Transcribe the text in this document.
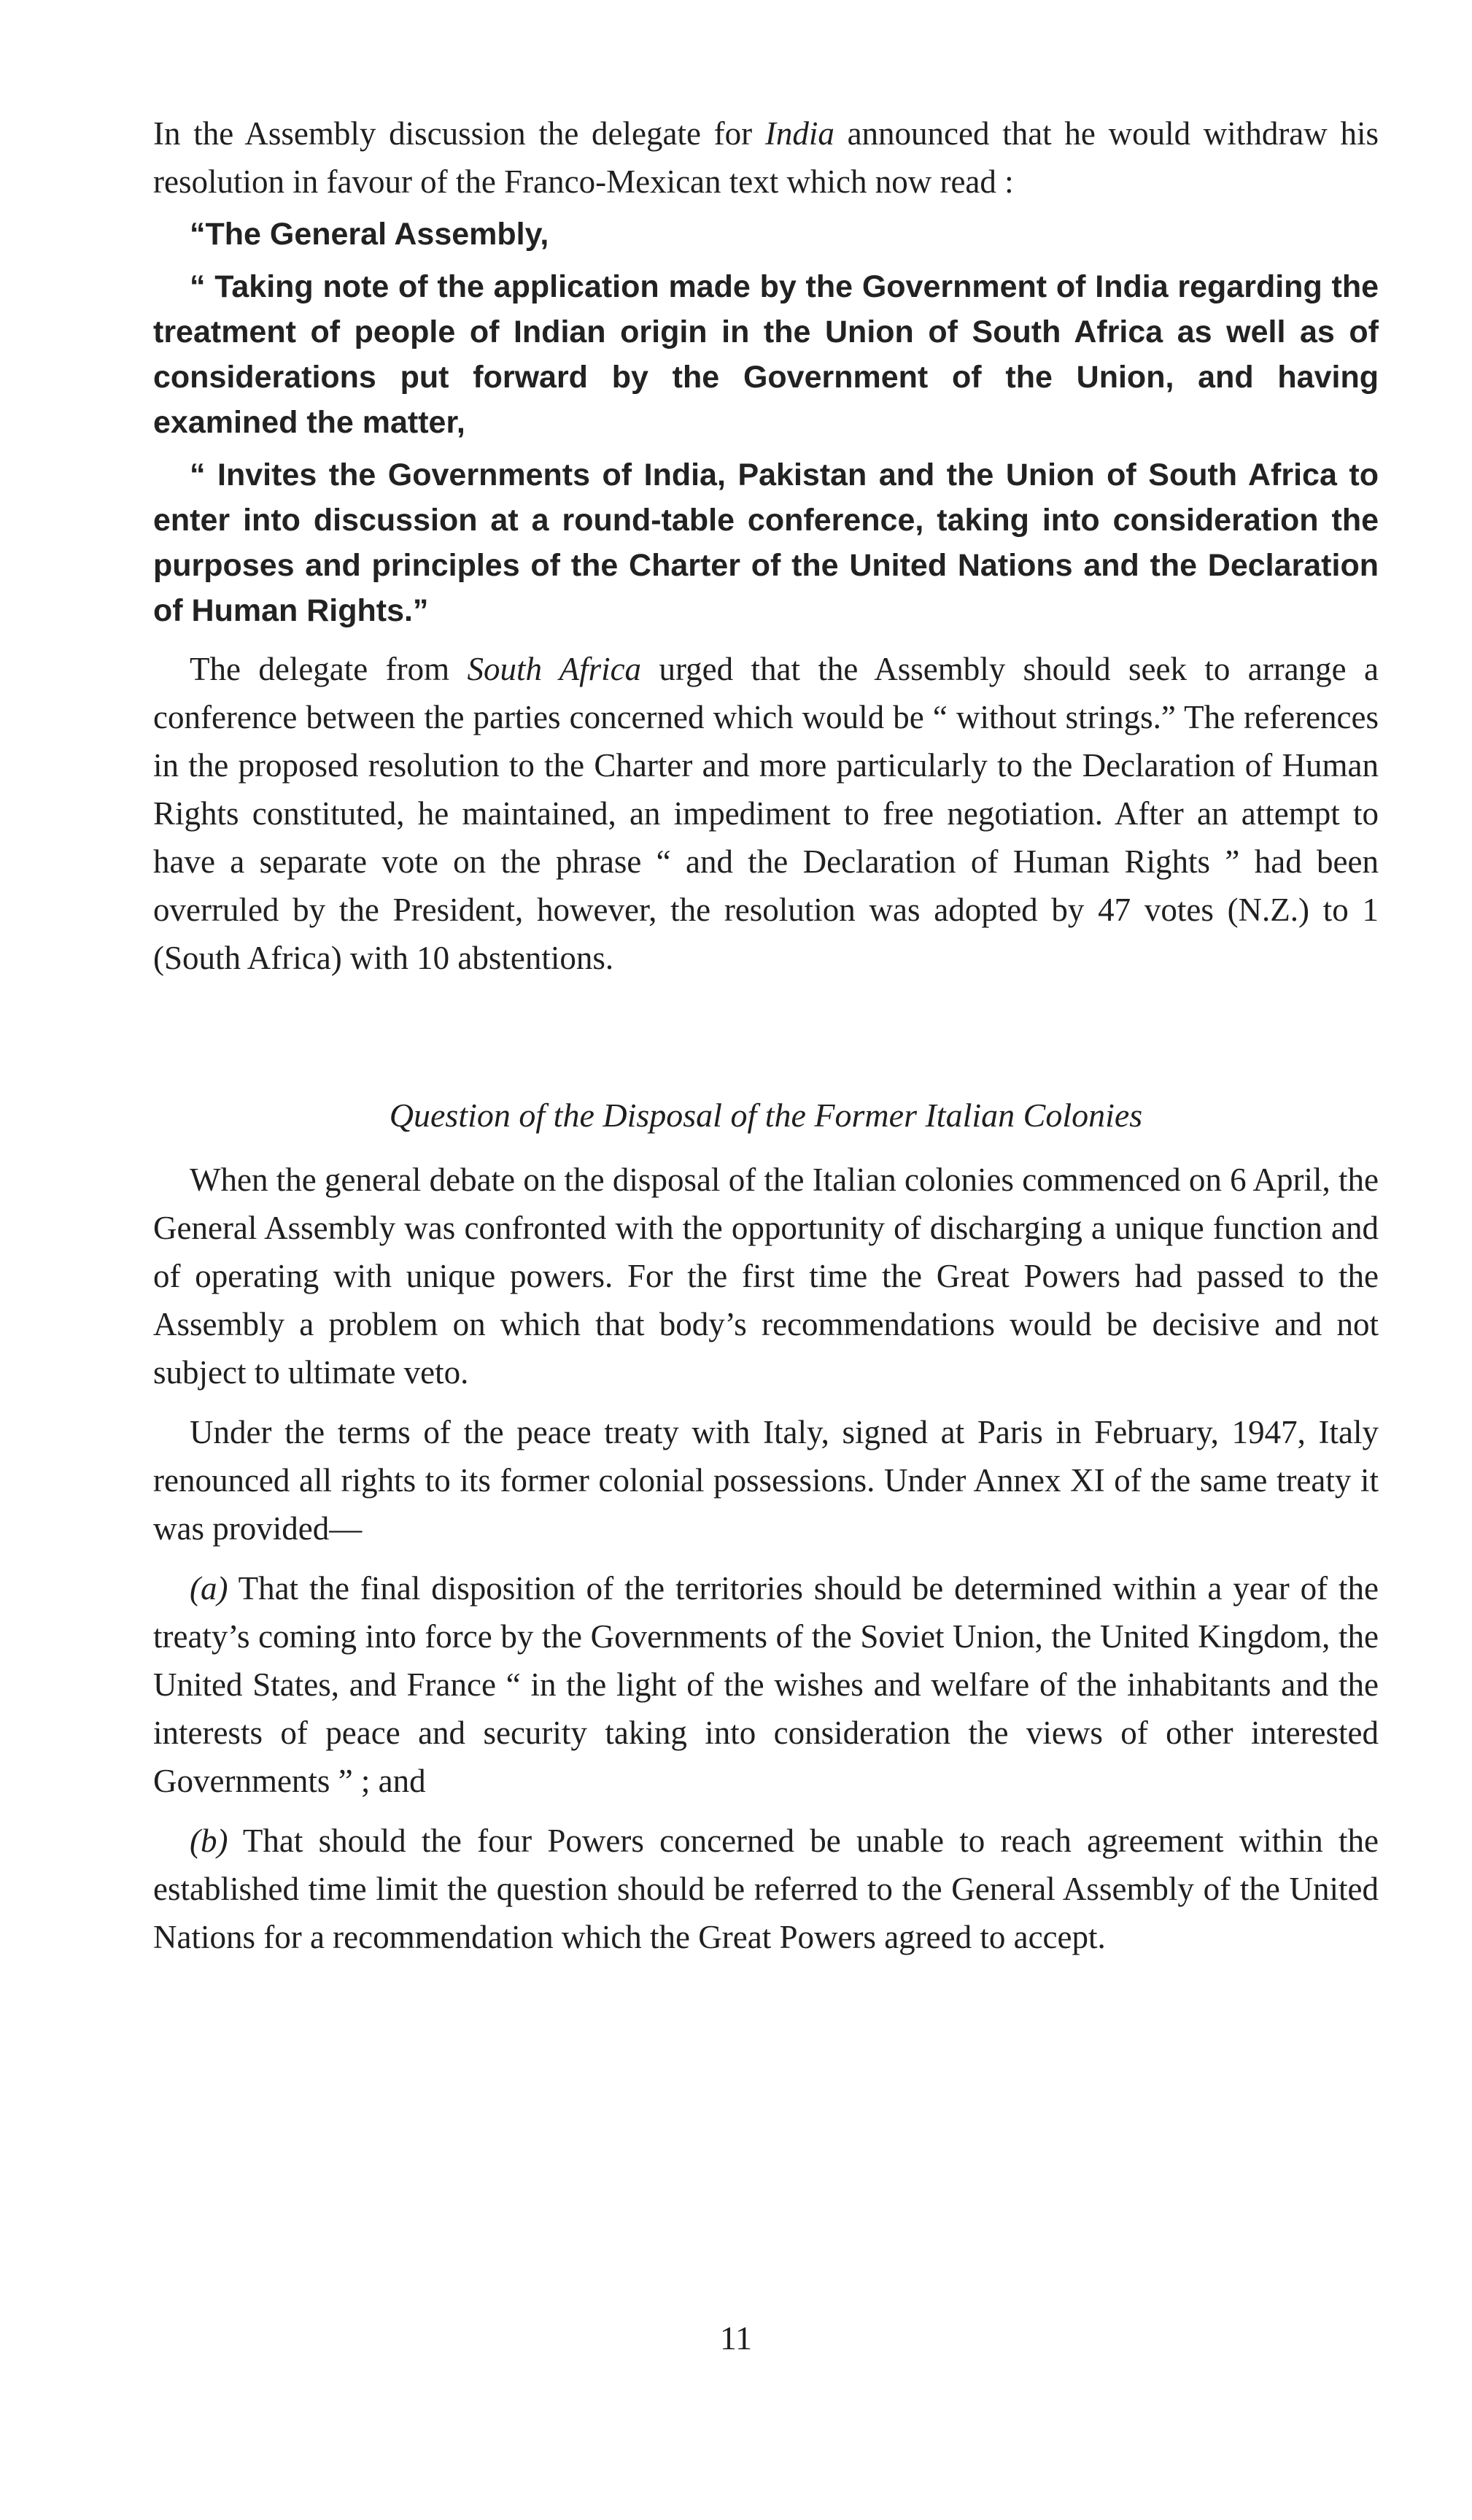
In the Assembly discussion the delegate for India announced that he would withdraw his resolution in favour of the Franco-Mexican text which now read :

“The General Assembly,

“ Taking note of the application made by the Government of India regarding the treatment of people of Indian origin in the Union of South Africa as well as of considerations put forward by the Government of the Union, and having examined the matter,

“ Invites the Governments of India, Pakistan and the Union of South Africa to enter into discussion at a round-table conference, taking into consideration the purposes and principles of the Charter of the United Nations and the Declaration of Human Rights.”

The delegate from South Africa urged that the Assembly should seek to arrange a conference between the parties concerned which would be “ without strings.” The references in the proposed resolution to the Charter and more particularly to the Declaration of Human Rights constituted, he maintained, an impediment to free negotiation. After an attempt to have a separate vote on the phrase “ and the Declaration of Human Rights ” had been overruled by the President, however, the resolution was adopted by 47 votes (N.Z.) to 1 (South Africa) with 10 abstentions.

Question of the Disposal of the Former Italian Colonies

When the general debate on the disposal of the Italian colonies commenced on 6 April, the General Assembly was confronted with the opportunity of discharging a unique function and of operating with unique powers. For the first time the Great Powers had passed to the Assembly a problem on which that body’s recommendations would be decisive and not subject to ultimate veto.

Under the terms of the peace treaty with Italy, signed at Paris in February, 1947, Italy renounced all rights to its former colonial possessions. Under Annex XI of the same treaty it was provided—

(a) That the final disposition of the territories should be determined within a year of the treaty’s coming into force by the Governments of the Soviet Union, the United Kingdom, the United States, and France “ in the light of the wishes and welfare of the inhabitants and the interests of peace and security taking into consideration the views of other interested Governments ” ; and

(b) That should the four Powers concerned be unable to reach agreement within the established time limit the question should be referred to the General Assembly of the United Nations for a recommendation which the Great Powers agreed to accept.

11
